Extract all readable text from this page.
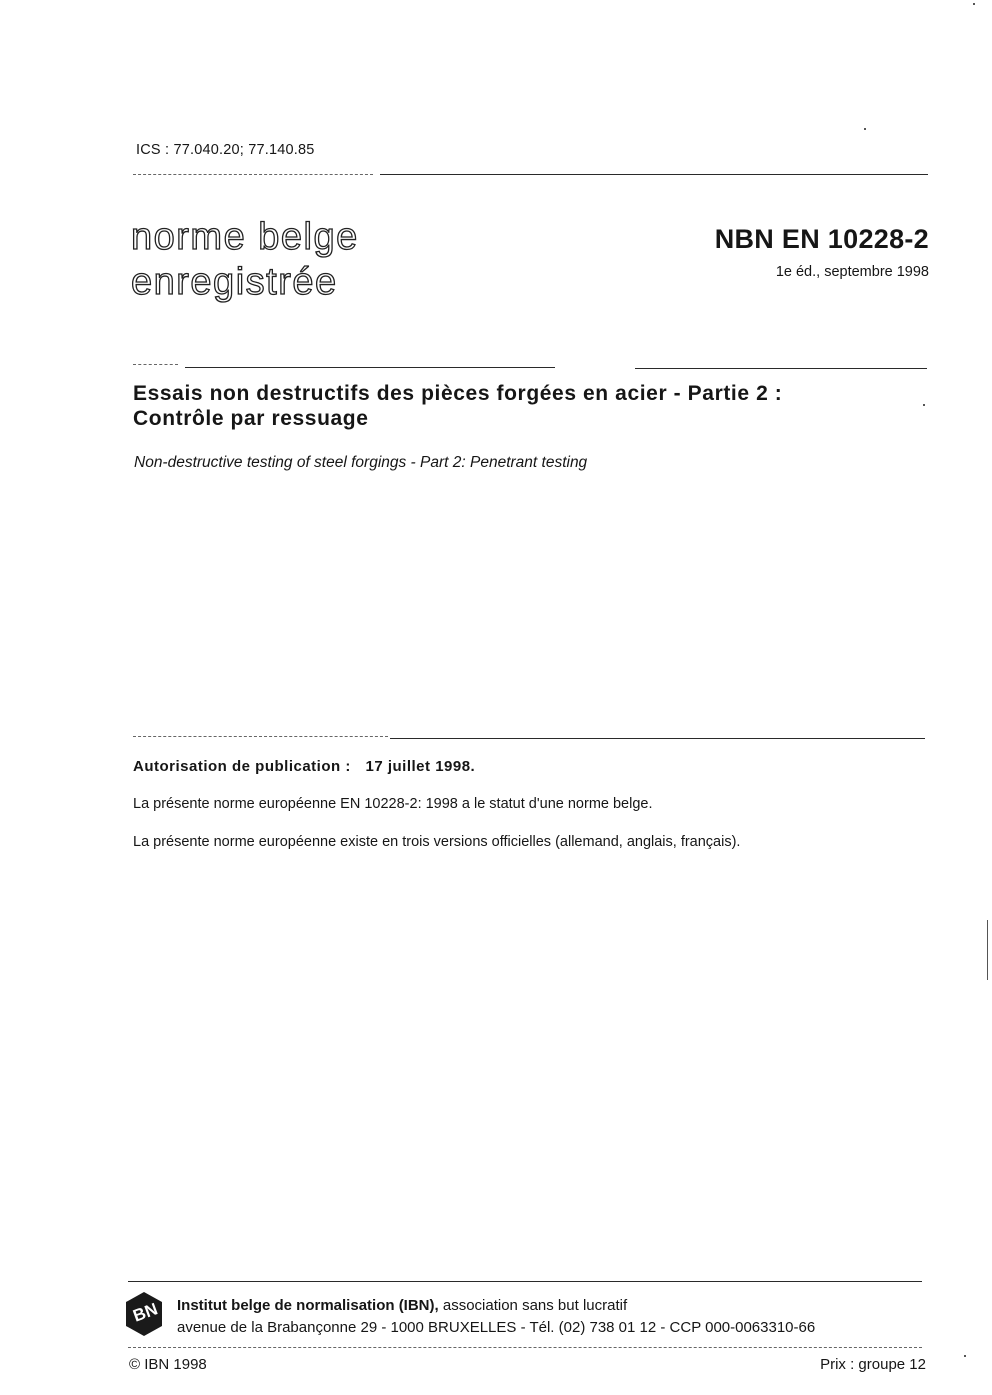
ICS : 77.040.20; 77.140.85
norme belge
enregistrée
NBN EN 10228-2
1e éd., septembre 1998
Essais non destructifs des pièces forgées en acier - Partie 2 :
Contrôle par ressuage
Non-destructive testing of steel forgings - Part 2: Penetrant testing
Autorisation de publication : 17 juillet 1998.
La présente norme européenne EN 10228-2: 1998 a le statut d'une norme belge.
La présente norme européenne existe en trois versions officielles (allemand, anglais, français).
BN Institut belge de normalisation (IBN), association sans but lucratif
avenue de la Brabançonne 29 - 1000 BRUXELLES - Tél. (02) 738 01 12 - CCP 000-0063310-66
© IBN 1998	Prix : groupe 12
